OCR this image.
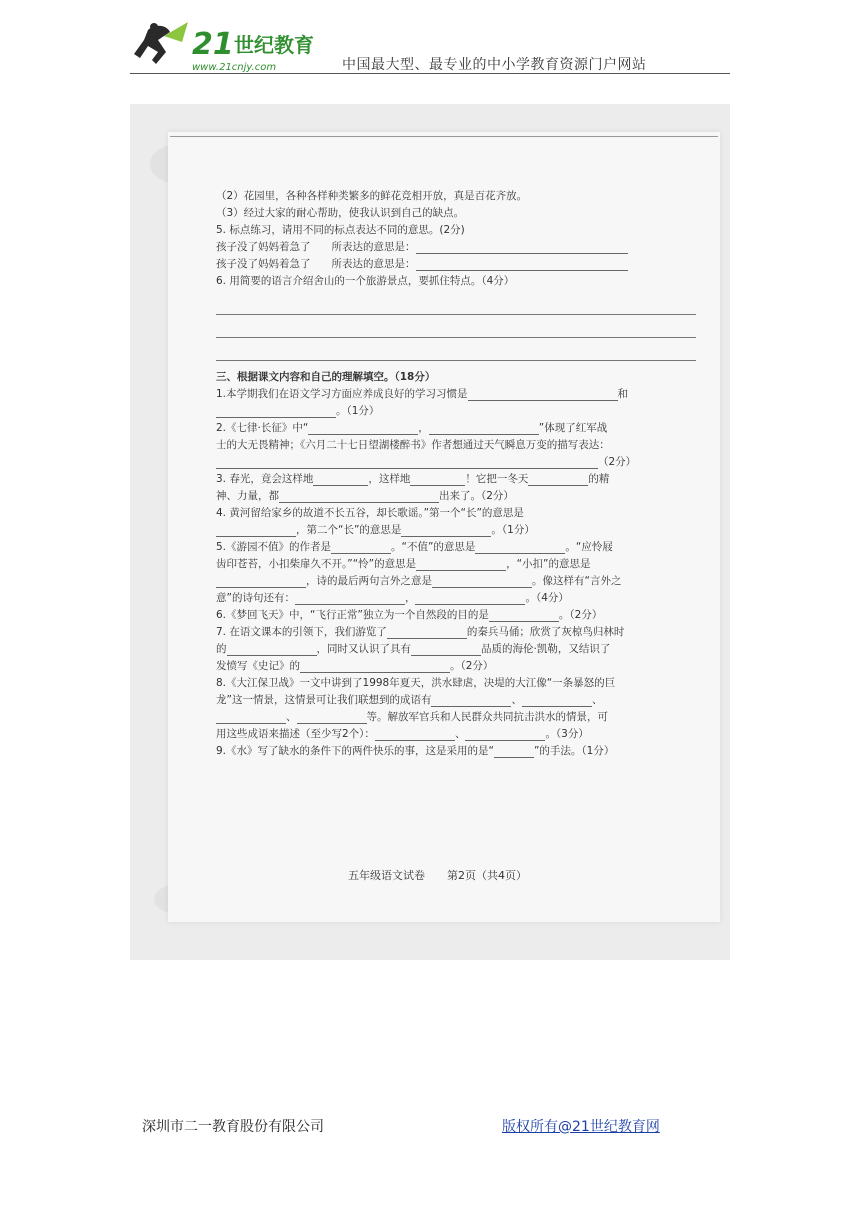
21 世纪教育
www.21cnjy.com	中国最大型、最专业的中小学教育资源门户网站
（2）花园里，各种各样种类繁多的鲜花竞相开放，真是百花齐放。
（3）经过大家的耐心帮助，使我认识到自己的缺点。
5. 标点练习，请用不同的标点表达不同的意思。(2分)
孩子没了妈妈着急了　　所表达的意思是：
孩子没了妈妈着急了　　所表达的意思是：
6. 用简要的语言介绍舍山的一个旅游景点，要抓住特点。（4分）
三、根据课文内容和自己的理解填空。（18分）
1.本学期我们在语文学习方面应养成良好的学习习惯是	和
。（1分）
2.《七律·长征》中“	，	”体现了红军战
士的大无畏精神；《六月二十七日望湖楼醉书》作者想通过天气瞬息万变的描写表达：
（2分）
3. 春光，竟会这样地	，这样地	！它把一冬天	的精
神、力量，都	出来了。（2分）
4. 黄河留给家乡的故道不长五谷，却长歌谣。”第一个“长”的意思是
，第二个“长”的意思是	。（1分）
5.《游园不值》的作者是	。“不值”的意思是	。“应怜屐
齿印苍苔，小扣柴扉久不开。”“怜”的意思是	，“小扣”的意思是
，诗的最后两句言外之意是	。像这样有“言外之
意”的诗句还有：	，	。（4分）
6.《梦回飞天》中，“飞行正常”独立为一个自然段的目的是	。（2分）
7. 在语文课本的引领下，我们游览了	的秦兵马俑；欣赏了灰椋鸟归林时
的	，同时又认识了具有	品质的海伦·凯勒，又结识了
发愤写《史记》的	。（2分）
8.《大江保卫战》一文中讲到了1998年夏天，洪水肆虐，决堤的大江像“一条暴怒的巨
龙”这一情景，这情景可让我们联想到的成语有	、	、
、	等。解放军官兵和人民群众共同抗击洪水的情景，可
用这些成语来描述（至少写2个）：	、	。（3分）
9.《水》写了缺水的条件下的两件快乐的事，这是采用的是“	”的手法。（1分）
五年级语文试卷　　第2页（共4页）
深圳市二一教育股份有限公司	版权所有@21世纪教育网
